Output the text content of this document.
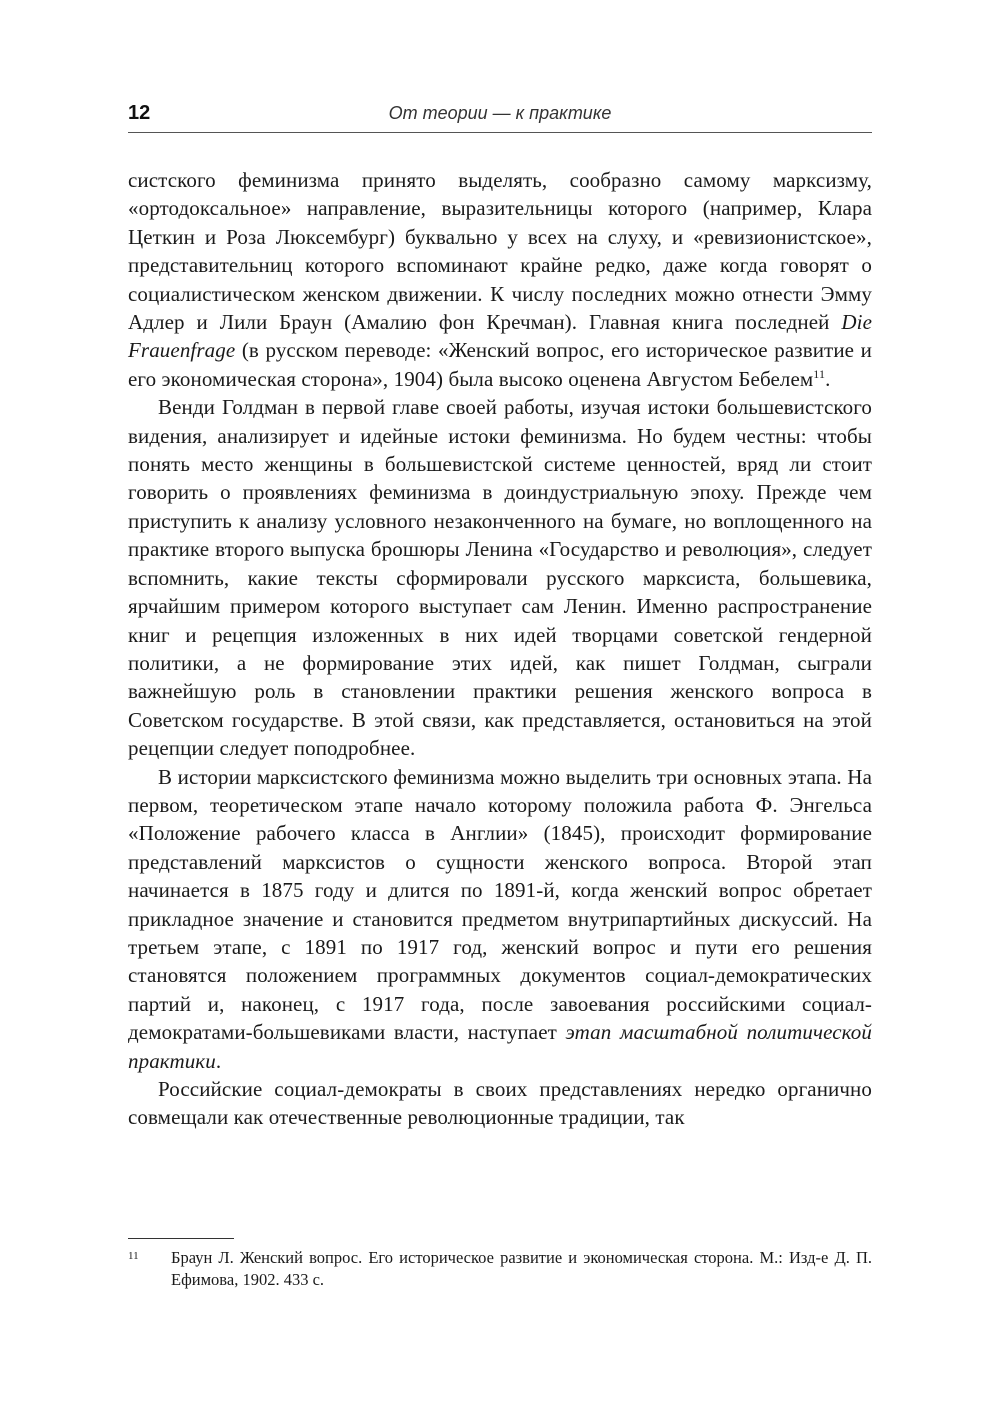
12	От теории — к практике

систского феминизма принято выделять, сообразно самому марксизму, «ортодоксальное» направление, выразительницы которого (например, Клара Цеткин и Роза Люксембург) буквально у всех на слуху, и «ревизионистское», представительниц которого вспоминают крайне редко, даже когда говорят о социалистическом женском движении. К числу последних можно отнести Эмму Адлер и Лили Браун (Амалию фон Кречман). Главная книга последней Die Frauenfrage (в русском переводе: «Женский вопрос, его историческое развитие и его экономическая сторона», 1904) была высоко оценена Августом Бебелем$^{11}$.

Венди Голдман в первой главе своей работы, изучая истоки большевистского видения, анализирует и идейные истоки феминизма. Но будем честны: чтобы понять место женщины в большевистской системе ценностей, вряд ли стоит говорить о проявлениях феминизма в доиндустриальную эпоху. Прежде чем приступить к анализу условного незаконченного на бумаге, но воплощенного на практике второго выпуска брошюры Ленина «Государство и революция», следует вспомнить, какие тексты сформировали русского марксиста, большевика, ярчайшим примером которого выступает сам Ленин. Именно распространение книг и рецепция изложенных в них идей творцами советской гендерной политики, а не формирование этих идей, как пишет Голдман, сыграли важнейшую роль в становлении практики решения женского вопроса в Советском государстве. В этой связи, как представляется, остановиться на этой рецепции следует поподробнее.

В истории марксистского феминизма можно выделить три основных этапа. На первом, теоретическом этапе начало которому положила работа Ф. Энгельса «Положение рабочего класса в Англии» (1845), происходит формирование представлений марксистов о сущности женского вопроса. Второй этап начинается в 1875 году и длится по 1891-й, когда женский вопрос обретает прикладное значение и становится предметом внутрипартийных дискуссий. На третьем этапе, с 1891 по 1917 год, женский вопрос и пути его решения становятся положением программных документов социал-демократических партий и, наконец, с 1917 года, после завоевания российскими социал-демократами-большевиками власти, наступает этап масштабной политической практики.

Российские социал-демократы в своих представлениях нередко органично совмещали как отечественные революционные традиции, так

11 Браун Л. Женский вопрос. Его историческое развитие и экономическая сторона. М.: Изд-е Д. П. Ефимова, 1902. 433 с.
